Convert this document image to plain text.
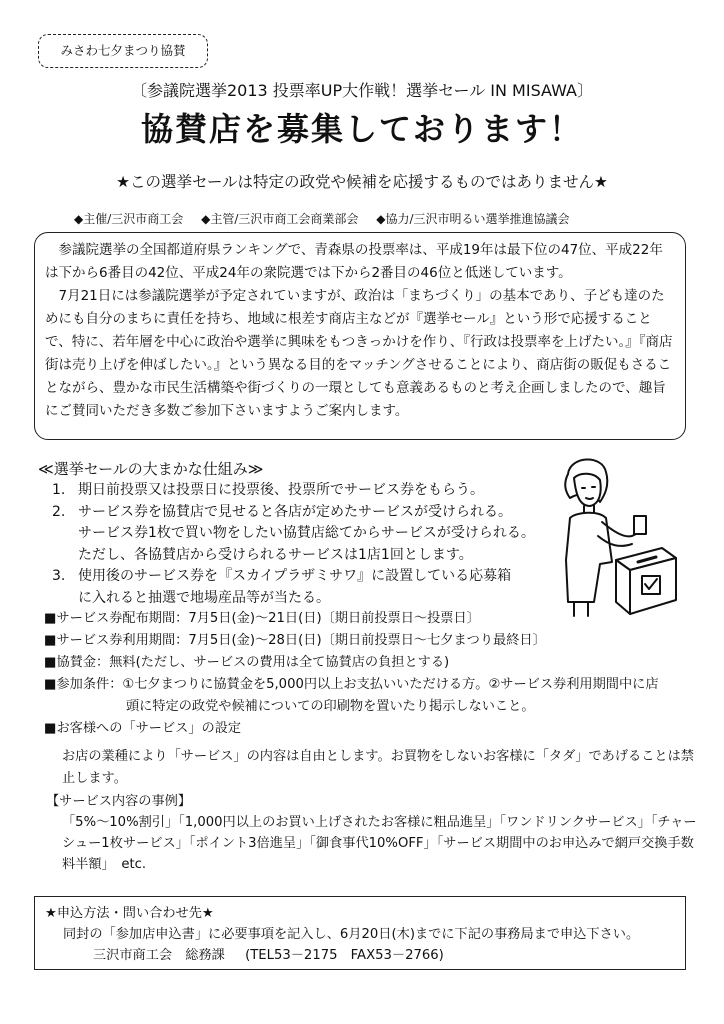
みさわ七夕まつり協賛
〔参議院選挙2013 投票率UP大作戦！選挙セール IN MISAWA〕
協賛店を募集しております！
★この選挙セールは特定の政党や候補を応援するものではありません★
◆主催/三沢市商工会 ◆主管/三沢市商工会商業部会 ◆協力/三沢市明るい選挙推進協議会

参議院選挙の全国都道府県ランキングで、青森県の投票率は、平成19年は最下位の47位、平成22年は下から6番目の42位、平成24年の衆院選では下から2番目の46位と低迷しています。

7月21日には参議院選挙が予定されていますが、政治は「まちづくり」の基本であり、子ども達のためにも自分のまちに責任を持ち、地域に根差す商店主などが『選挙セール』という形で応援することで、特に、若年層を中心に政治や選挙に興味をもつきっかけを作り、『行政は投票率を上げたい。』『商店街は売り上げを伸ばしたい。』という異なる目的をマッチングさせることにより、商店街の販促もさることながら、豊かな市民生活構築や街づくりの一環としても意義あるものと考え企画しましたので、趣旨にご賛同いただき多数ご参加下さいますようご案内します。

≪選挙セールの大まかな仕組み≫
1. 期日前投票又は投票日に投票後、投票所でサービス券をもらう。
2. サービス券を協賛店で見せると各店が定めたサービスが受けられる。
サービス券1枚で買い物をしたい協賛店総てからサービスが受けられる。
ただし、各協賛店から受けられるサービスは1店1回とします。
3. 使用後のサービス券を『スカイプラザミサワ』に設置している応募箱
に入れると抽選で地場産品等が当たる。
■サービス券配布期間：7月5日(金)～21日(日)〔期日前投票日～投票日〕
■サービス券利用期間：7月5日(金)～28日(日)〔期日前投票日～七夕まつり最終日〕
■協賛金：無料(ただし、サービスの費用は全て協賛店の負担とする)
■参加条件：①七夕まつりに協賛金を5,000円以上お支払いいただける方。②サービス券利用期間中に店
頭に特定の政党や候補についての印刷物を置いたり掲示しないこと。
■お客様への「サービス」の設定
お店の業種により「サービス」の内容は自由とします。お買物をしないお客様に「タダ」であげることは禁止します。
【サービス内容の事例】
「5%～10%割引」「1,000円以上のお買い上げされたお客様に粗品進呈」「ワンドリンクサービス」「チャーシュー1枚サービス」「ポイント3倍進呈」「御食事代10%OFF」「サービス期間中のお申込みで網戸交換手数料半額」　etc.
★申込方法・問い合わせ先★
同封の「参加店申込書」に必要事項を記入し、6月20日(木)までに下記の事務局まで申込下さい。
三沢市商工会　総務課 (TEL53－2175　FAX53－2766)
